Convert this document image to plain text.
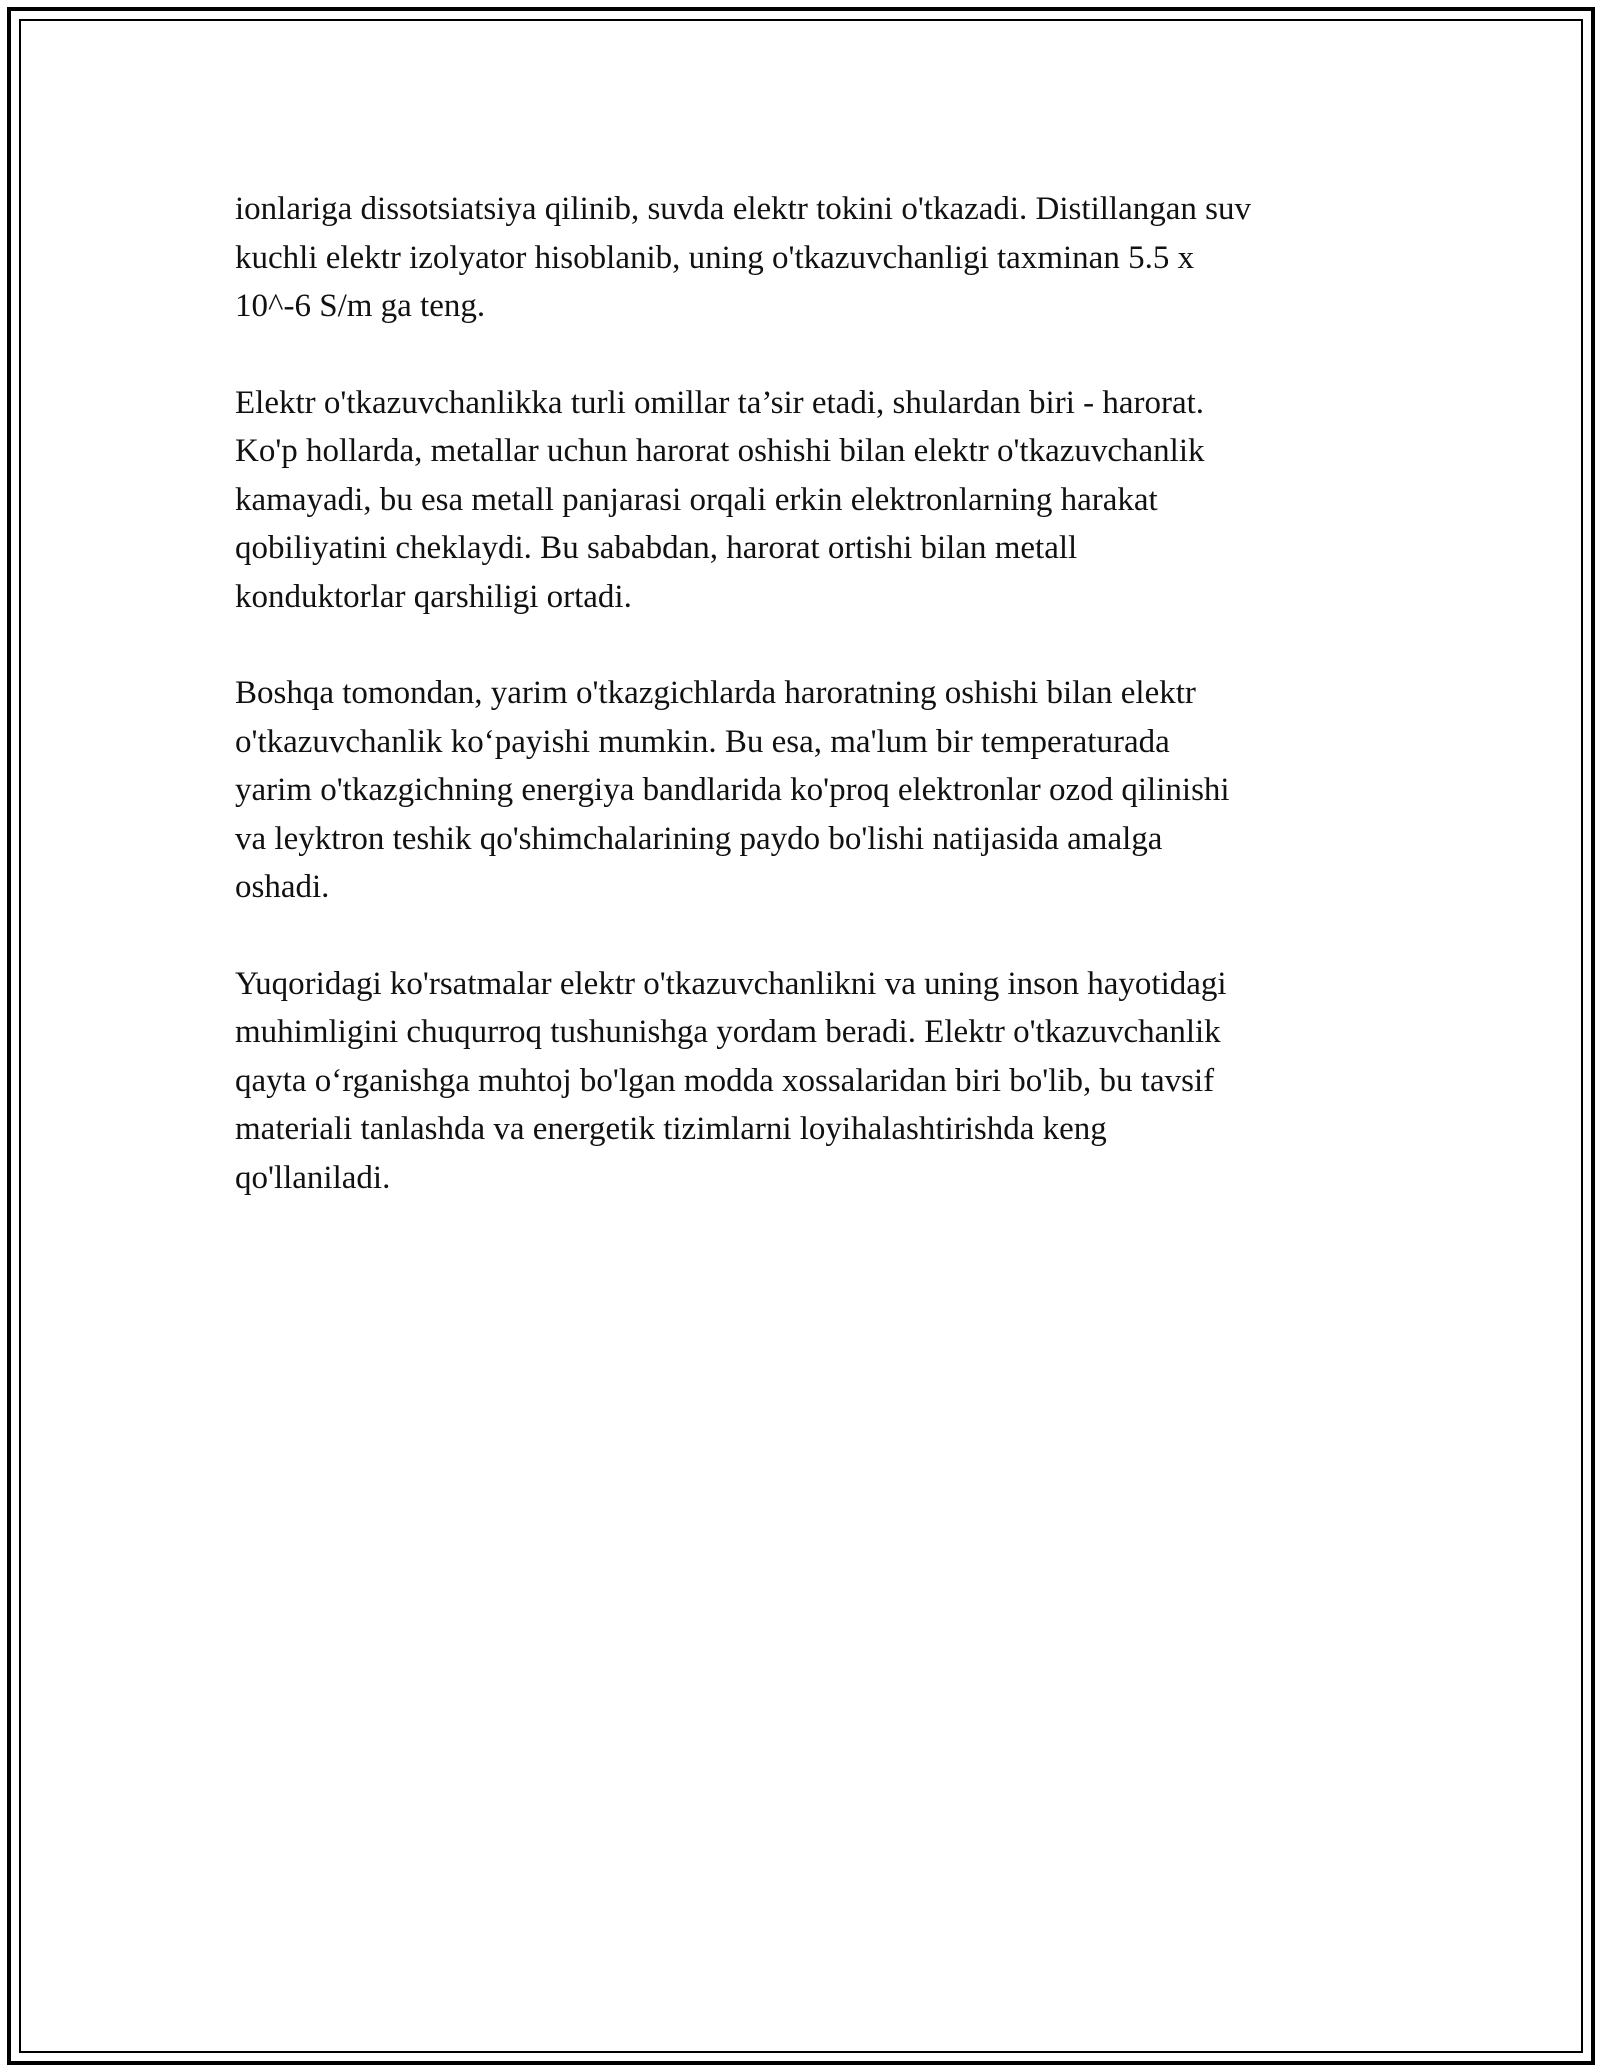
ionlariga dissotsiatsiya qilinib, suvda elektr tokini o'tkazadi. Distillangan suv
kuchli elektr izolyator hisoblanib, uning o'tkazuvchanligi taxminan 5.5 x
10^-6 S/m ga teng.

Elektr o'tkazuvchanlikka turli omillar ta’sir etadi, shulardan biri - harorat.
Ko'p hollarda, metallar uchun harorat oshishi bilan elektr o'tkazuvchanlik
kamayadi, bu esa metall panjarasi orqali erkin elektronlarning harakat
qobiliyatini cheklaydi. Bu sababdan, harorat ortishi bilan metall
konduktorlar qarshiligi ortadi.

Boshqa tomondan, yarim o'tkazgichlarda haroratning oshishi bilan elektr
o'tkazuvchanlik ko‘payishi mumkin. Bu esa, ma'lum bir temperaturada
yarim o'tkazgichning energiya bandlarida ko'proq elektronlar ozod qilinishi
va leyktron teshik qo'shimchalarining paydo bo'lishi natijasida amalga
oshadi.

Yuqoridagi ko'rsatmalar elektr o'tkazuvchanlikni va uning inson hayotidagi
muhimligini chuqurroq tushunishga yordam beradi. Elektr o'tkazuvchanlik
qayta o‘rganishga muhtoj bo'lgan modda xossalaridan biri bo'lib, bu tavsif
materiali tanlashda va energetik tizimlarni loyihalashtirishda keng
qo'llaniladi.
